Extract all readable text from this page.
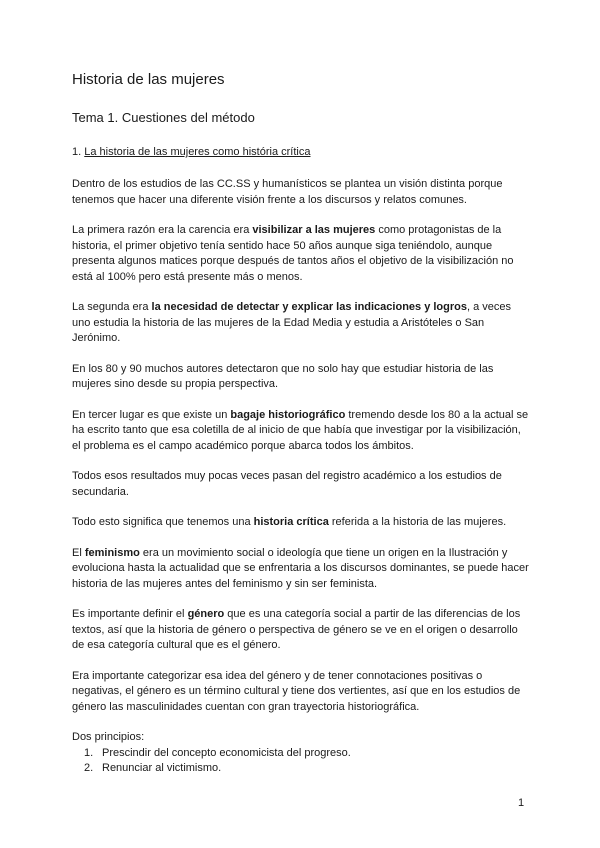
Historia de las mujeres
Tema 1. Cuestiones del método
1. La historia de las mujeres como história crítica

Dentro de los estudios de las CC.SS y humanísticos se plantea un visión distinta porque tenemos que hacer una diferente visión frente a los discursos y relatos comunes.

La primera razón era la carencia era visibilizar a las mujeres como protagonistas de la historia, el primer objetivo tenía sentido hace 50 años aunque siga teniéndolo, aunque presenta algunos matices porque después de tantos años el objetivo de la visibilización no está al 100% pero está presente más o menos.

La segunda era la necesidad de detectar y explicar las indicaciones y logros, a veces uno estudia la historia de las mujeres de la Edad Media y estudia a Aristóteles o San Jerónimo.

En los 80 y 90 muchos autores detectaron que no solo hay que estudiar historia de las mujeres sino desde su propia perspectiva.

En tercer lugar es que existe un bagaje historiográfico tremendo desde los 80 a la actual se ha escrito tanto que esa coletilla de al inicio de que había que investigar por la visibilización, el problema es el campo académico porque abarca todos los ámbitos.

Todos esos resultados muy pocas veces pasan del registro académico a los estudios de secundaria.

Todo esto significa que tenemos una historia crítica referida a la historia de las mujeres.

El feminismo era un movimiento social o ideología que tiene un origen en la Ilustración y evoluciona hasta la actualidad que se enfrentaria a los discursos dominantes, se puede hacer historia de las mujeres antes del feminismo y sin ser feminista.

Es importante definir el género que es una categoría social a partir de las diferencias de los textos, así que la historia de género o perspectiva de género se ve en el origen o desarrollo de esa categoría cultural que es el género.

Era importante categorizar esa idea del género y de tener connotaciones positivas o negativas, el género es un término cultural y tiene dos vertientes, así que en los estudios de género las masculinidades cuentan con gran trayectoria historiográfica.

Dos principios:

1. Prescindir del concepto economicista del progreso.
2. Renunciar al victimismo.
1
